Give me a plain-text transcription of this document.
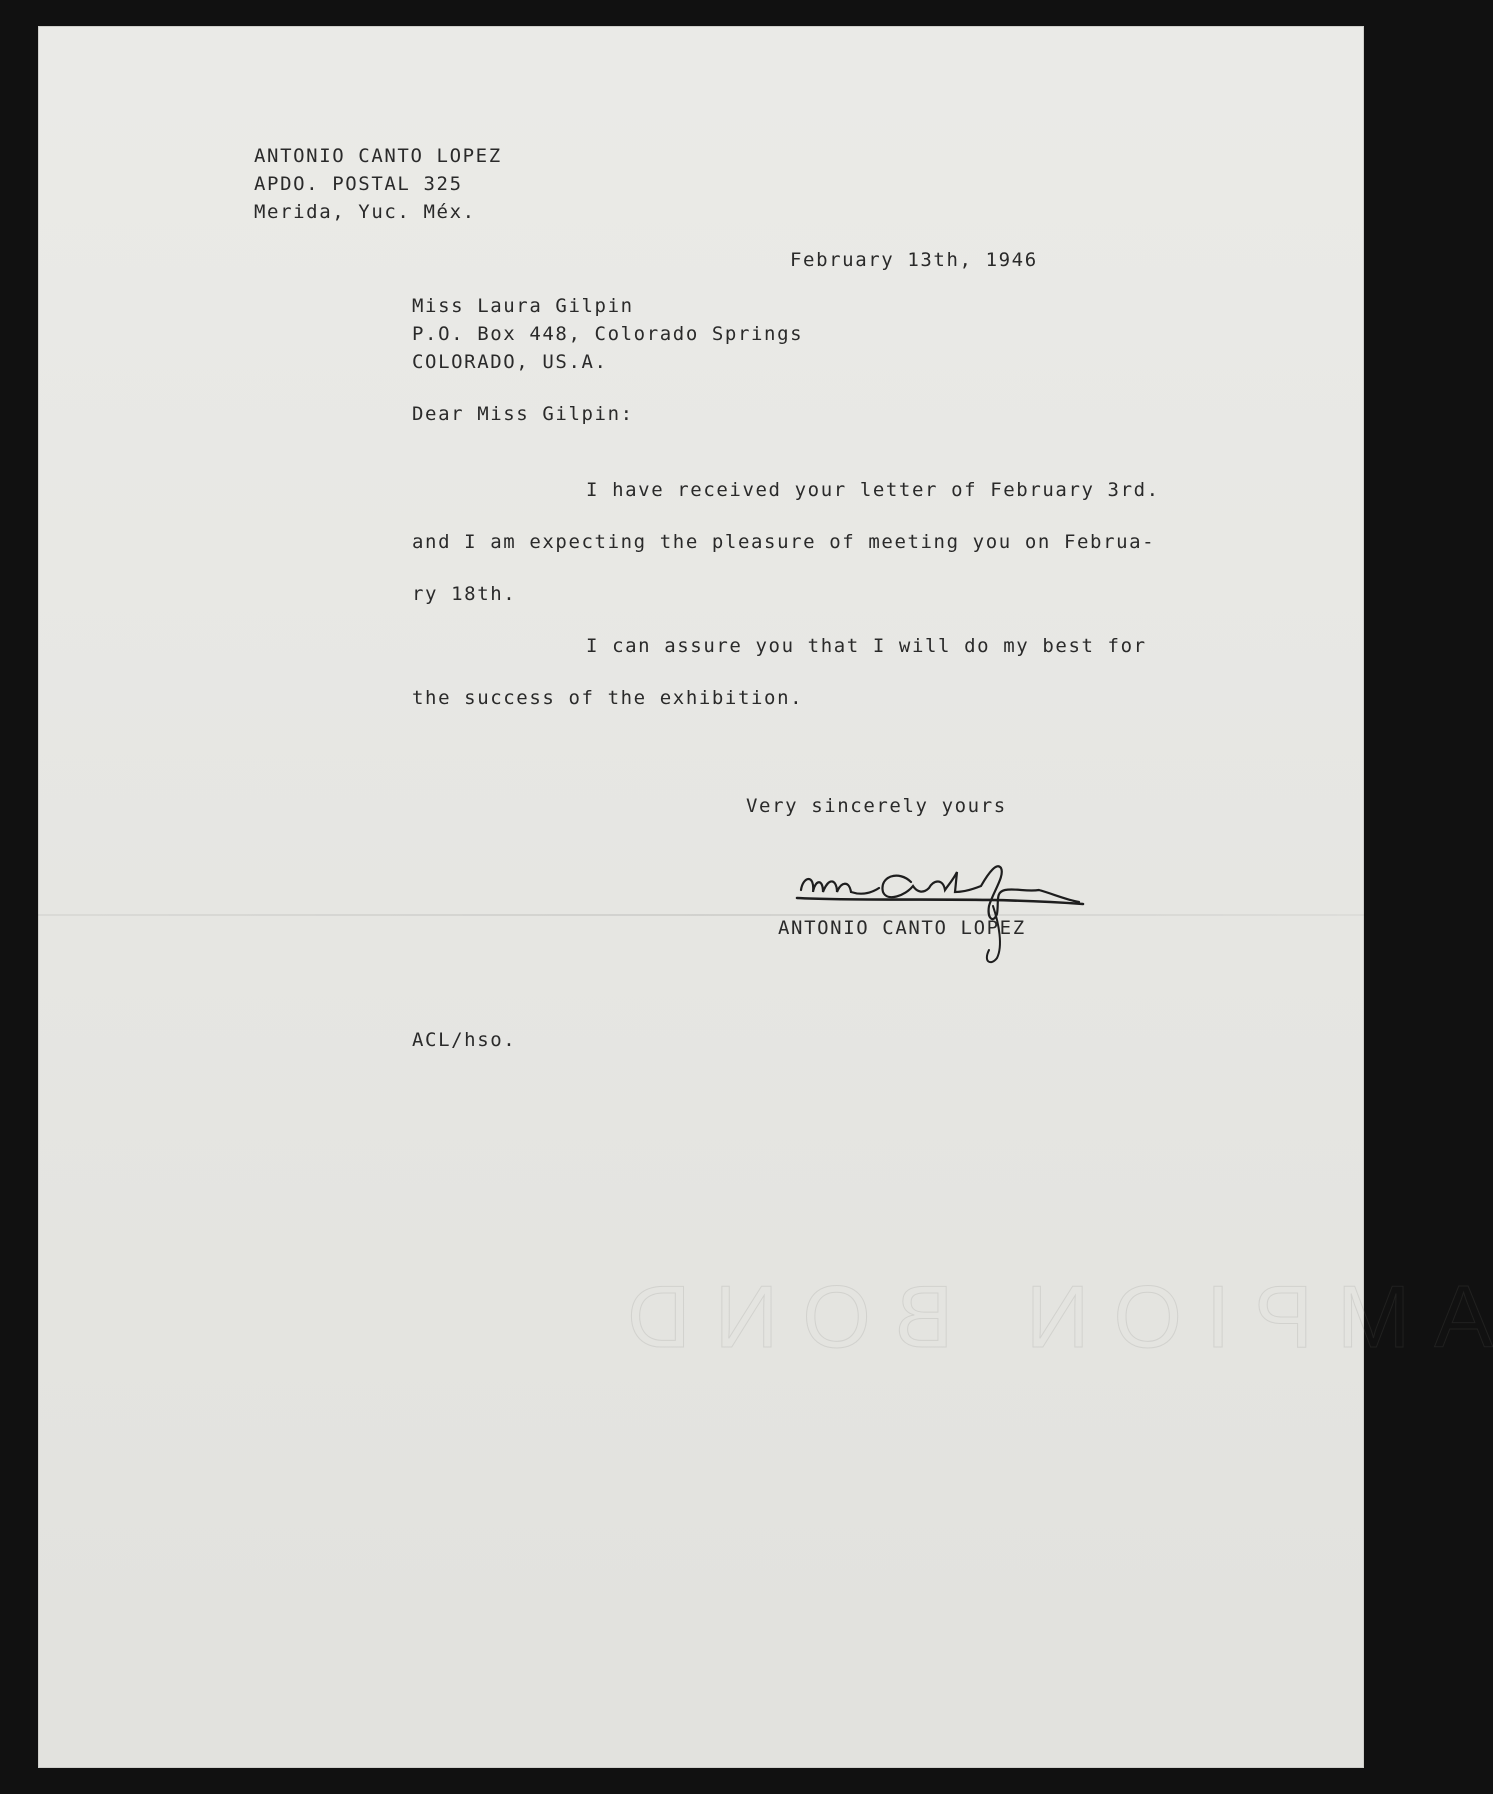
ANTONIO CANTO LOPEZ
APDO. POSTAL 325
Merida, Yuc. Méx.
February 13th, 1946
Miss Laura Gilpin
P.O. Box 448, Colorado Springs
COLORADO, US.A.
Dear Miss Gilpin:
I have received your letter of February 3rd.
and I am expecting the pleasure of meeting you on Februa-
ry 18th.
I can assure you that I will do my best for
the success of the exhibition.
Very sincerely yours
ANTONIO CANTO LOPEZ
ACL/hso.
AMPION BOND
